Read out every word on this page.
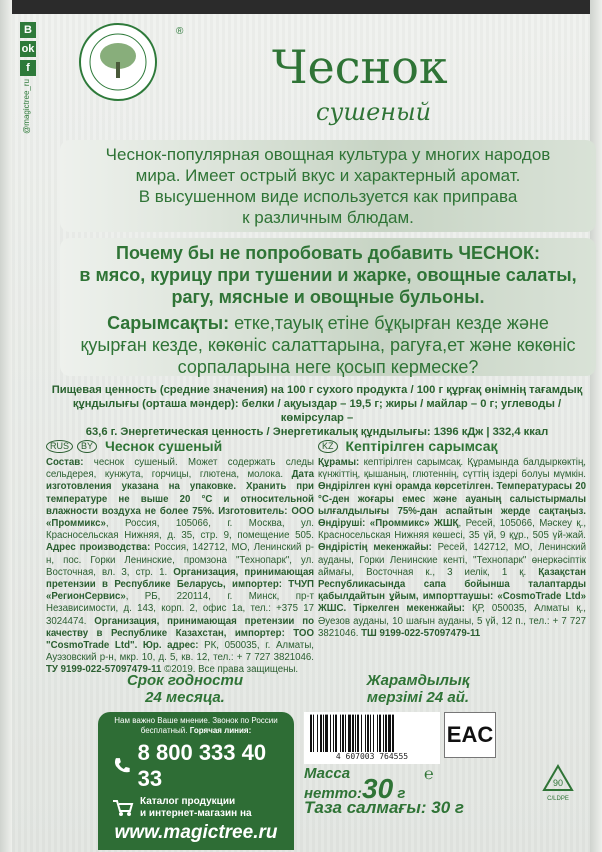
B
ok
f
@magictree_ru
®
Чеснок
сушеный

Чеснок-популярная овощная культура у многих народов

мира. Имеет острый вкус и характерный аромат.

В высушенном виде используется как приправа

к различным блюдам.

Почему бы не попробовать добавить ЧЕСНОК:
в мясо, курицу при тушении и жарке, овощные салаты,
рагу, мясные и овощные бульоны.
Сарымсақты: етке,тауық етіне бұқырған кезде және
қуырған кезде, көкөніс салаттарына, рагуға,ет және көкөніс
сорпаларына неге қосып кермеске?
Пищевая ценность (средние значения) на 100 г сухого продукта / 100 г құрғақ өнімнің тағамдық
құндылығы (орташа мәндер): белки / ақуыздар – 19,5 г; жиры / майлар – 0 г; углеводы / көмірсулар –
63,6 г. Энергетическая ценность / Энергетикалық құндылығы: 1396 кДж | 332,4 ккал
RUS	BY Чеснок сушеный
Состав: чеснок сушеный. Может содержать следы сельдерея, кунжута, горчицы, глютена, молока. Дата изготовления указана на упаковке. Хранить при температуре не выше 20 °С и относительной влажности воздуха не более 75%. Изготовитель: ООО «Проммикс», Россия, 105066, г. Москва, ул. Красносельская Нижняя, д. 35, стр. 9, помещение 505. Адрес производства: Россия, 142712, МО, Ленинский р-н, пос. Горки Ленинские, промзона "Технопарк", ул. Восточная, вл. 3, стр. 1. Организация, принимающая претензии в Республике Беларусь, импортер: ТЧУП «РегионСервис», РБ, 220114, г. Минск, пр-т Независимости, д. 143, корп. 2, офис 1а, тел.: +375 17 3024474. Организация, принимающая претензии по качеству в Республике Казахстан, импортер: ТОО "CosmoTrade Ltd". Юр. адрес: РК, 050035, г. Алматы, Ауэзовский р-н, мкр. 10, д. 5, кв. 12, тел.: + 7 727 3821046. ТУ 9199-022-57097479-11 ©2019. Все права защищены.
KZ Кептірілген сарымсақ
Құрамы: кептірілген сарымсақ. Құрамында балдыркөктің, күнжіттің, қышаның, глютеннің, сүттің іздері болуы мүмкін. Өндірілген күні орамда көрсетілген. Температурасы 20 °С-ден жоғары емес және ауаның салыстырмалы ылғалдылығы 75%-дан аспайтын жерде сақтаңыз. Өндіруші: «Проммикс» ЖШҚ, Ресей, 105066, Мәскеу қ., Красносельская Нижняя көшесі, 35 үй, 9 құр., 505 үй-жай. Өндірістің мекенжайы: Ресей, 142712, МО, Ленинский ауданы, Горки Ленинские кенті, "Технопарк" өнеркәсіптік аймағы, Восточная к., 3 иелік, 1 қ. Қазақстан Республикасында сапа бойынша талаптарды қабылдайтын ұйым, импорттаушы: «CosmoTrade Ltd» ЖШС. Тіркелген мекенжайы: ҚР, 050035, Алматы қ., Әуезов ауданы, 10 шағын ауданы, 5 үй, 12 п., тел.: + 7 727 3821046. ТШ 9199-022-57097479-11
Срок годности
24 месяца.
Жарамдылық
мерзімі 24 ай.
Нам важно Ваше мнение. Звонок по России бесплатный. Горячая линия:
8 800 333 40 33
Каталог продукции
и интернет-магазин на
www.magictree.ru
4 607003 764555
EAC
Масса
нетто:30 г
℮
Таза салмағы: 30 г
90
C/LDPE
